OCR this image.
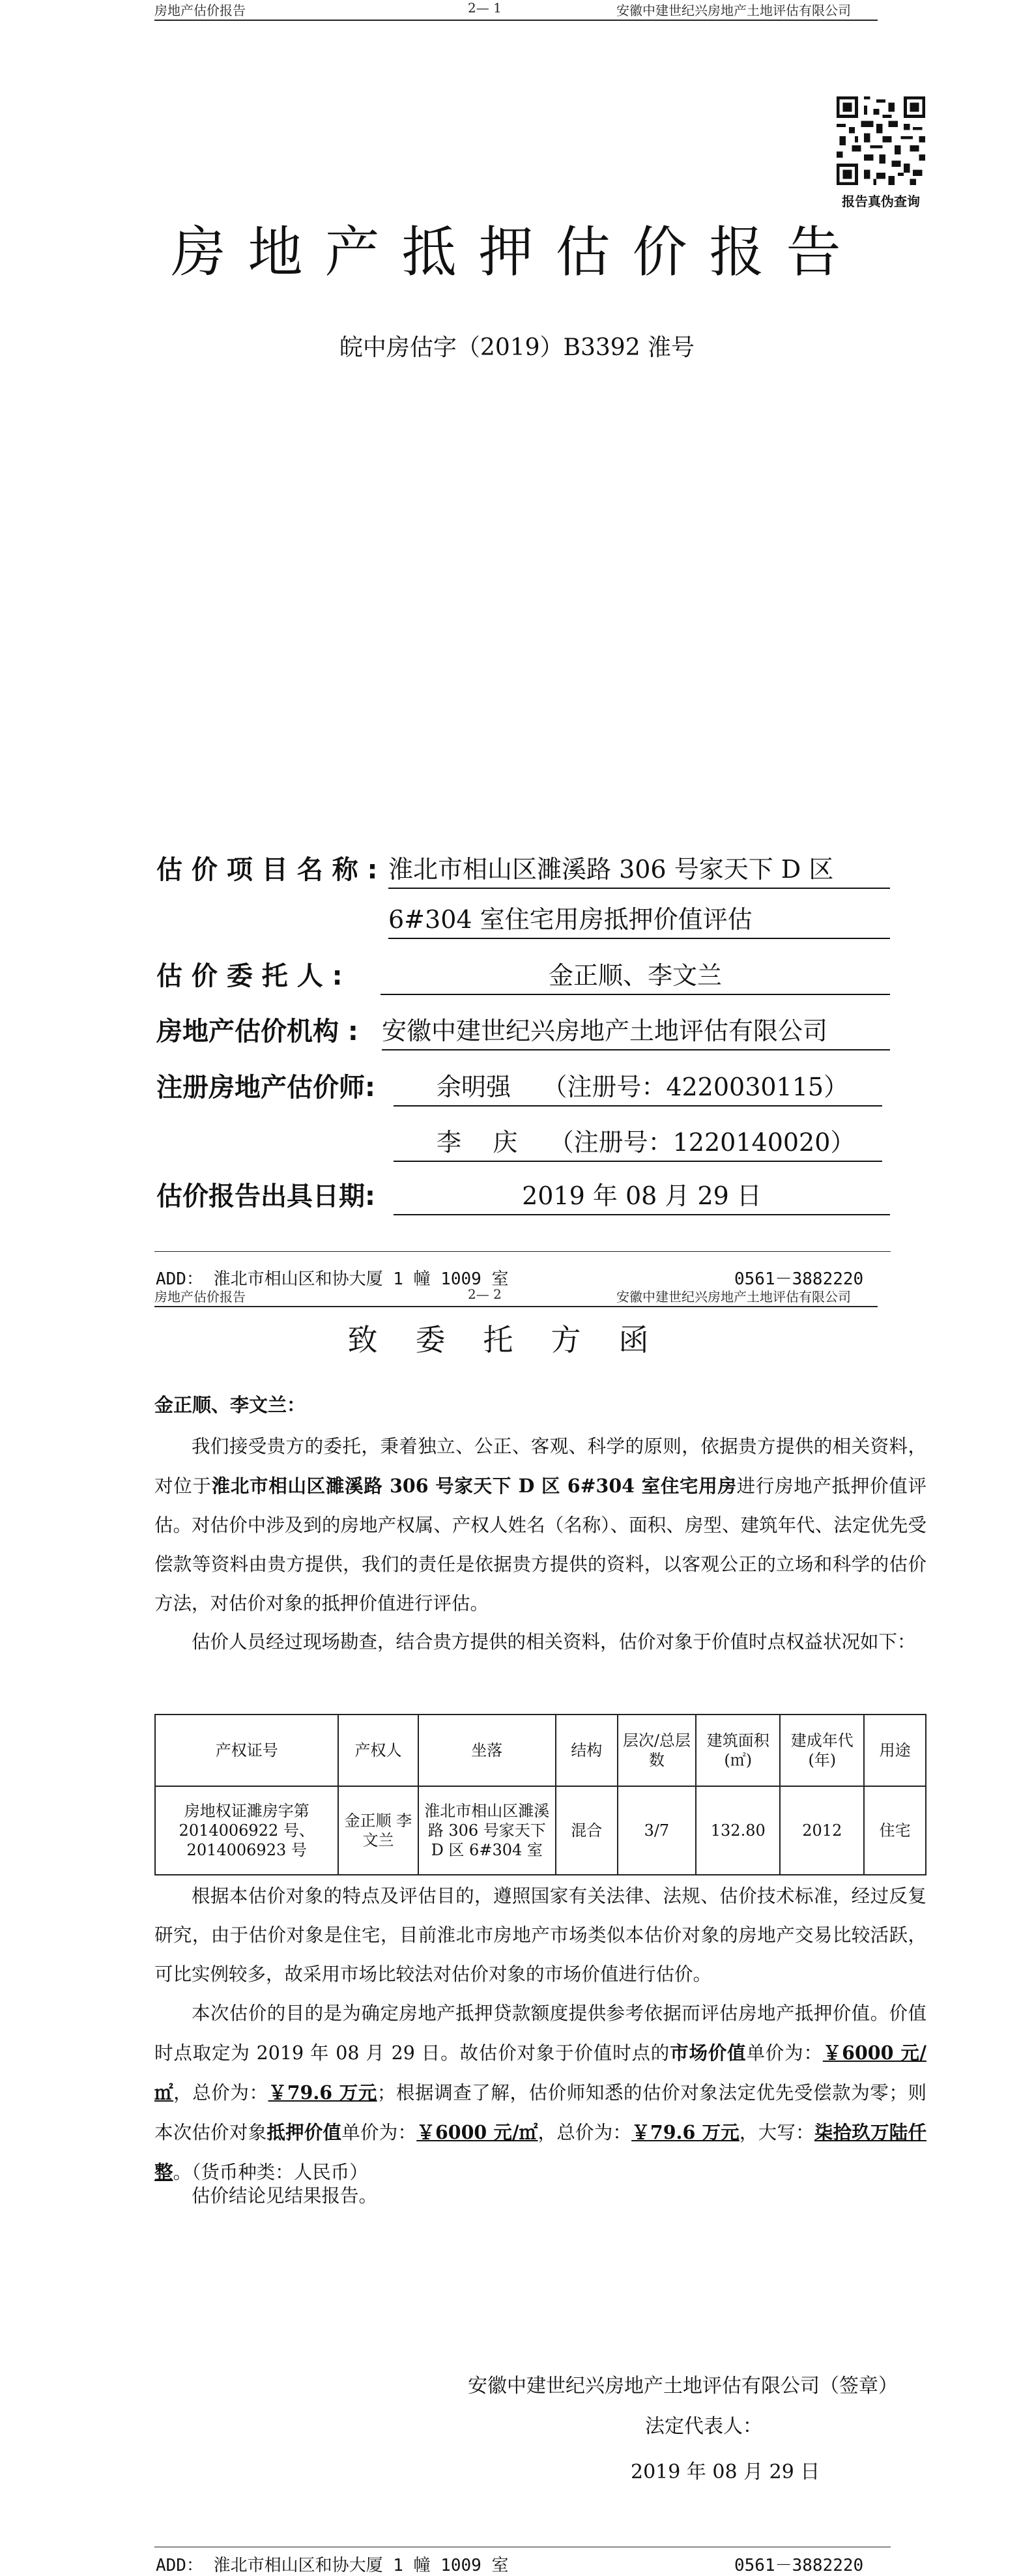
房地产估价报告	2— 1	安徽中建世纪兴房地产土地评估有限公司
报告真伪查询
房地产抵押估价报告
皖中房估字（2019）B3392 淮号
估 价 项 目 名 称 : 淮北市相山区濉溪路 306 号家天下 D 区
6#304 室住宅用房抵押价值评估
估 价 委 托 人 :	金正顺、李文兰
房地产估价机构 : 安徽中建世纪兴房地产土地评估有限公司
注册房地产估价师:	余明强    （注册号：4220030115）
李    庆    （注册号：1220140020）
估价报告出具日期:	2019 年 08 月 29 日
ADD： 淮北市相山区和协大厦 1 幢 1009 室	0561－3882220
房地产估价报告	2— 2	安徽中建世纪兴房地产土地评估有限公司
致委托方函
金正顺、李文兰：
我们接受贵方的委托，秉着独立、公正、客观、科学的原则，依据贵方提供的相关资料，对位于淮北市相山区濉溪路 306 号家天下 D 区 6#304 室住宅用房进行房地产抵押价值评估。对估价中涉及到的房地产权属、产权人姓名（名称）、面积、房型、建筑年代、法定优先受偿款等资料由贵方提供，我们的责任是依据贵方提供的资料，以客观公正的立场和科学的估价方法，对估价对象的抵押价值进行评估。
估价人员经过现场勘查，结合贵方提供的相关资料，估价对象于价值时点权益状况如下：
产权证号	产权人	坐落	结构	层次/总层数	建筑面积(㎡)	建成年代(年)	用途
房地权证濉房字第 2014006922 号、2014006923 号	金正顺 李文兰	淮北市相山区濉溪路 306 号家天下 D 区 6#304 室	混合	3/7	132.80	2012	住宅
根据本估价对象的特点及评估目的，遵照国家有关法律、法规、估价技术标准，经过反复研究，由于估价对象是住宅，目前淮北市房地产市场类似本估价对象的房地产交易比较活跃，可比实例较多，故采用市场比较法对估价对象的市场价值进行估价。
本次估价的目的是为确定房地产抵押贷款额度提供参考依据而评估房地产抵押价值。价值时点取定为 2019 年 08 月 29 日。故估价对象于价值时点的市场价值单价为：￥6000 元/㎡，总价为：￥79.6 万元；根据调查了解，估价师知悉的估价对象法定优先受偿款为零；则本次估价对象抵押价值单价为：￥6000 元/㎡，总价为：￥79.6 万元，大写：柒拾玖万陆仟整。（货币种类：人民币）
估价结论见结果报告。
安徽中建世纪兴房地产土地评估有限公司（签章）
法定代表人：
2019 年 08 月 29 日
ADD： 淮北市相山区和协大厦 1 幢 1009 室	0561－3882220
